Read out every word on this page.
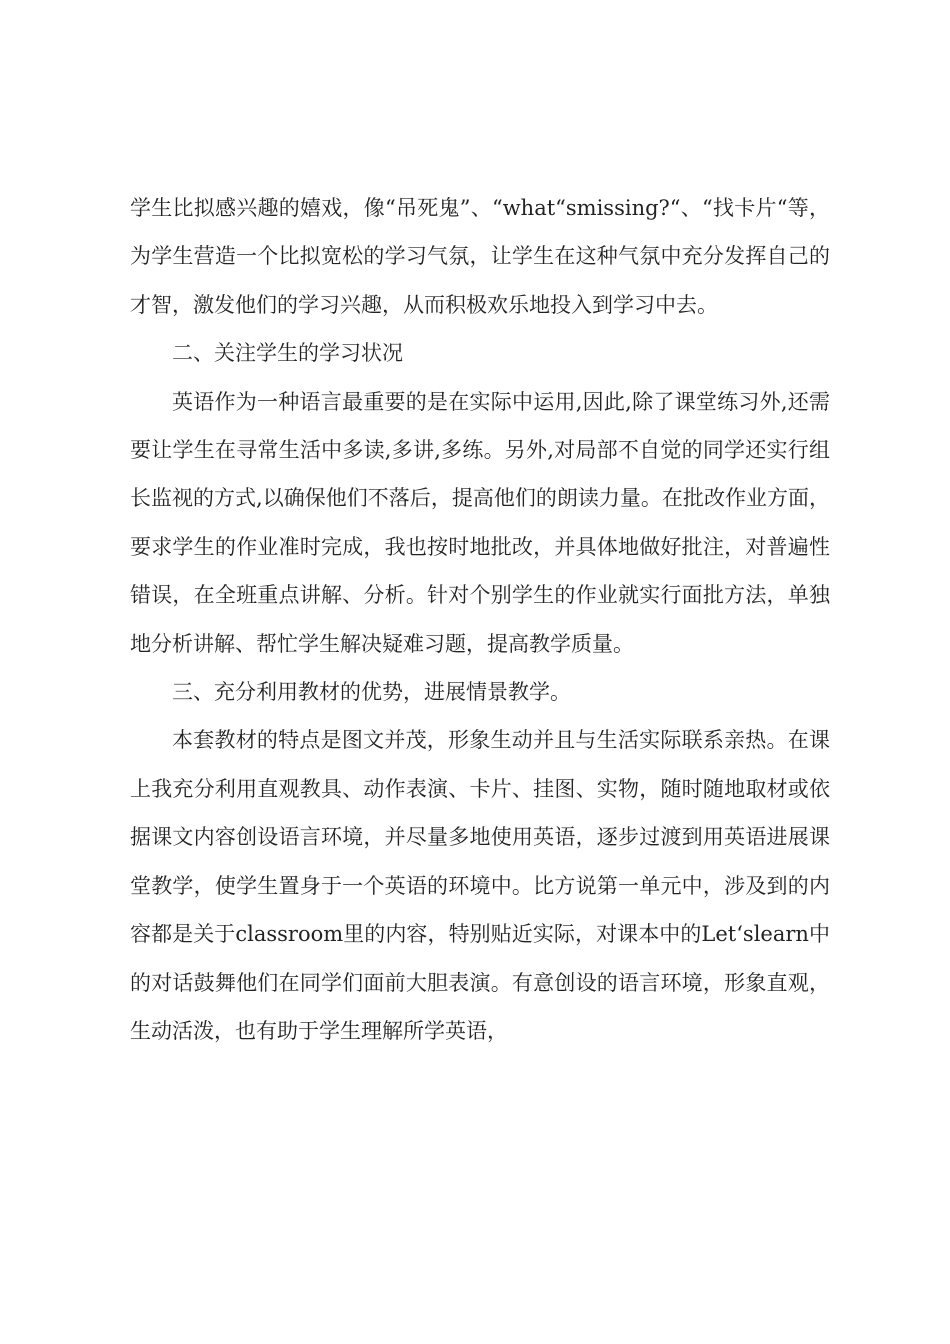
学生比拟感兴趣的嬉戏，像“吊死鬼”、“what“smissing?“、“找卡片“等，为学生营造一个比拟宽松的学习气氛，让学生在这种气氛中充分发挥自己的才智，激发他们的学习兴趣，从而积极欢乐地投入到学习中去。

二、关注学生的学习状况

英语作为一种语言最重要的是在实际中运用,因此,除了课堂练习外,还需要让学生在寻常生活中多读,多讲,多练。另外,对局部不自觉的同学还实行组长监视的方式,以确保他们不落后，提高他们的朗读力量。在批改作业方面，要求学生的作业准时完成，我也按时地批改，并具体地做好批注，对普遍性错误，在全班重点讲解、分析。针对个别学生的作业就实行面批方法，单独地分析讲解、帮忙学生解决疑难习题，提高教学质量。

三、充分利用教材的优势，进展情景教学。

本套教材的特点是图文并茂，形象生动并且与生活实际联系亲热。在课上我充分利用直观教具、动作表演、卡片、挂图、实物，随时随地取材或依据课文内容创设语言环境，并尽量多地使用英语，逐步过渡到用英语进展课堂教学，使学生置身于一个英语的环境中。比方说第一单元中，涉及到的内容都是关于classroom里的内容，特别贴近实际，对课本中的Let‘slearn中的对话鼓舞他们在同学们面前大胆表演。有意创设的语言环境，形象直观，生动活泼，也有助于学生理解所学英语，
